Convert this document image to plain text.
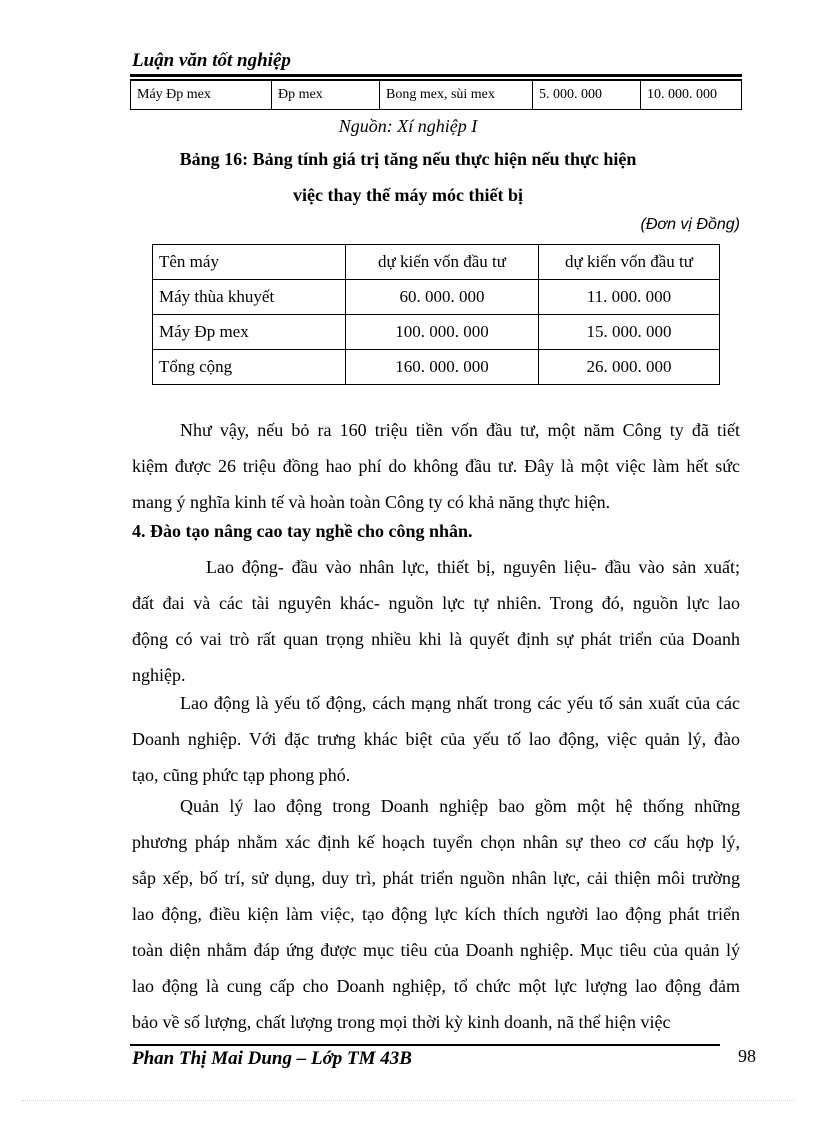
Luận văn tốt nghiệp
Máy Đp mex	Đp mex	Bong mex, sùi mex	5. 000. 000	10. 000. 000
Nguồn: Xí nghiệp I
Bảng 16: Bảng tính giá trị tăng nếu thực hiện nếu thực hiện
việc thay thế máy móc thiết bị
(Đơn vị Đồng)
Tên máy	dự kiến vốn đầu tư	dự kiến vốn đầu tư
Máy thùa khuyết	60. 000. 000	11. 000. 000
Máy Đp mex	100. 000. 000	15. 000. 000
Tổng cộng	160. 000. 000	26. 000. 000
Như vậy, nếu bỏ ra 160 triệu tiền vốn đầu tư, một năm Công ty đã tiết
kiệm được 26 triệu đồng hao phí do không đầu tư. Đây là một việc làm hết sức
mang ý nghĩa kinh tế và hoàn toàn Công ty có khả năng thực hiện.
4. Đào tạo nâng cao tay nghề cho công nhân.
Lao động- đầu vào nhân lực, thiết bị, nguyên liệu- đầu vào sản xuất;
đất đai và các tài nguyên khác- nguồn lực tự nhiên. Trong đó, nguồn lực lao
động có vai trò rất quan trọng nhiều khi là quyết định sự phát triển của Doanh
nghiệp.
Lao động là yếu tố động, cách mạng nhất trong các yếu tố sản xuất của các
Doanh nghiệp. Với đặc trưng khác biệt của yếu tố lao động, việc quản lý, đào
tạo, cũng phức tạp phong phó.
Quản lý lao động trong Doanh nghiệp bao gồm một hệ thống những
phương pháp nhằm xác định kế hoạch tuyển chọn nhân sự theo cơ cấu hợp lý,
sắp xếp, bố trí, sử dụng, duy trì, phát triển nguồn nhân lực, cải thiện môi trường
lao động, điều kiện làm việc, tạo động lực kích thích người lao động phát triển
toàn diện nhằm đáp ứng được mục tiêu của Doanh nghiệp. Mục tiêu của quản lý
lao động là cung cấp cho Doanh nghiệp, tổ chức một lực lượng lao động đảm
bảo về số lượng, chất lượng trong mọi thời kỳ kinh doanh, nã thể hiện việc
Phan Thị Mai Dung – Lớp TM 43B	98
